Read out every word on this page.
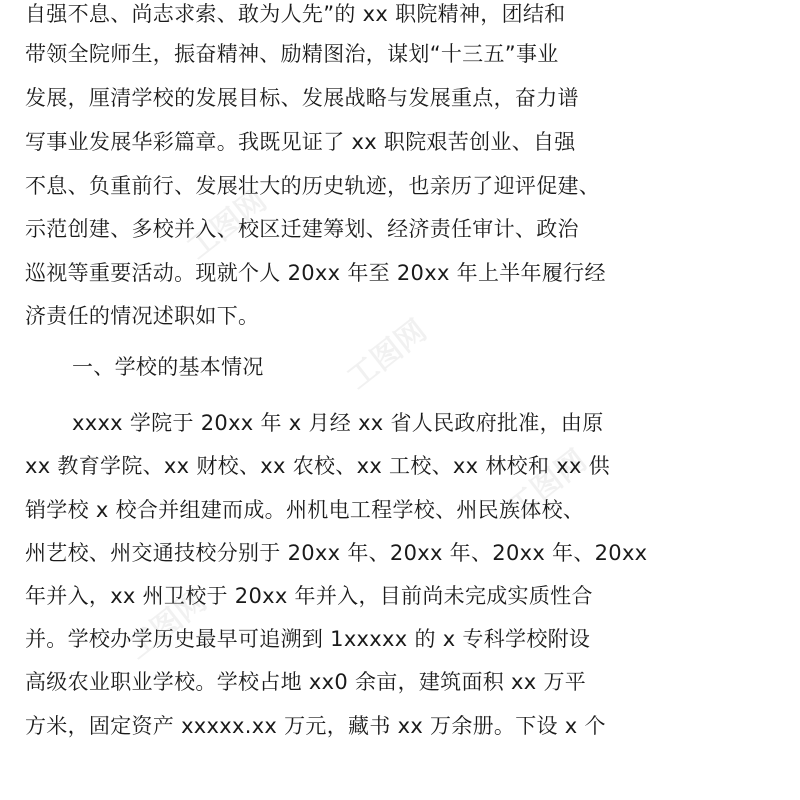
工图网
工图网
工图网
工图网
自强不息、尚志求索、敢为人先”的 xx 职院精神，团结和
带领全院师生，振奋精神、励精图治，谋划“十三五”事业
发展，厘清学校的发展目标、发展战略与发展重点，奋力谱
写事业发展华彩篇章。我既见证了 xx 职院艰苦创业、自强
不息、负重前行、发展壮大的历史轨迹，也亲历了迎评促建、
示范创建、多校并入、校区迁建筹划、经济责任审计、政治
巡视等重要活动。现就个人 20xx 年至 20xx 年上半年履行经
济责任的情况述职如下。
一、学校的基本情况
xxxx 学院于 20xx 年 x 月经 xx 省人民政府批准，由原
xx 教育学院、xx 财校、xx 农校、xx 工校、xx 林校和 xx 供
销学校 x 校合并组建而成。州机电工程学校、州民族体校、
州艺校、州交通技校分别于 20xx 年、20xx 年、20xx 年、20xx
年并入，xx 州卫校于 20xx 年并入，目前尚未完成实质性合
并。学校办学历史最早可追溯到 1xxxxx 的 x 专科学校附设
高级农业职业学校。学校占地 xx0 余亩，建筑面积 xx 万平
方米，固定资产 xxxxx.xx 万元，藏书 xx 万余册。下设 x 个
